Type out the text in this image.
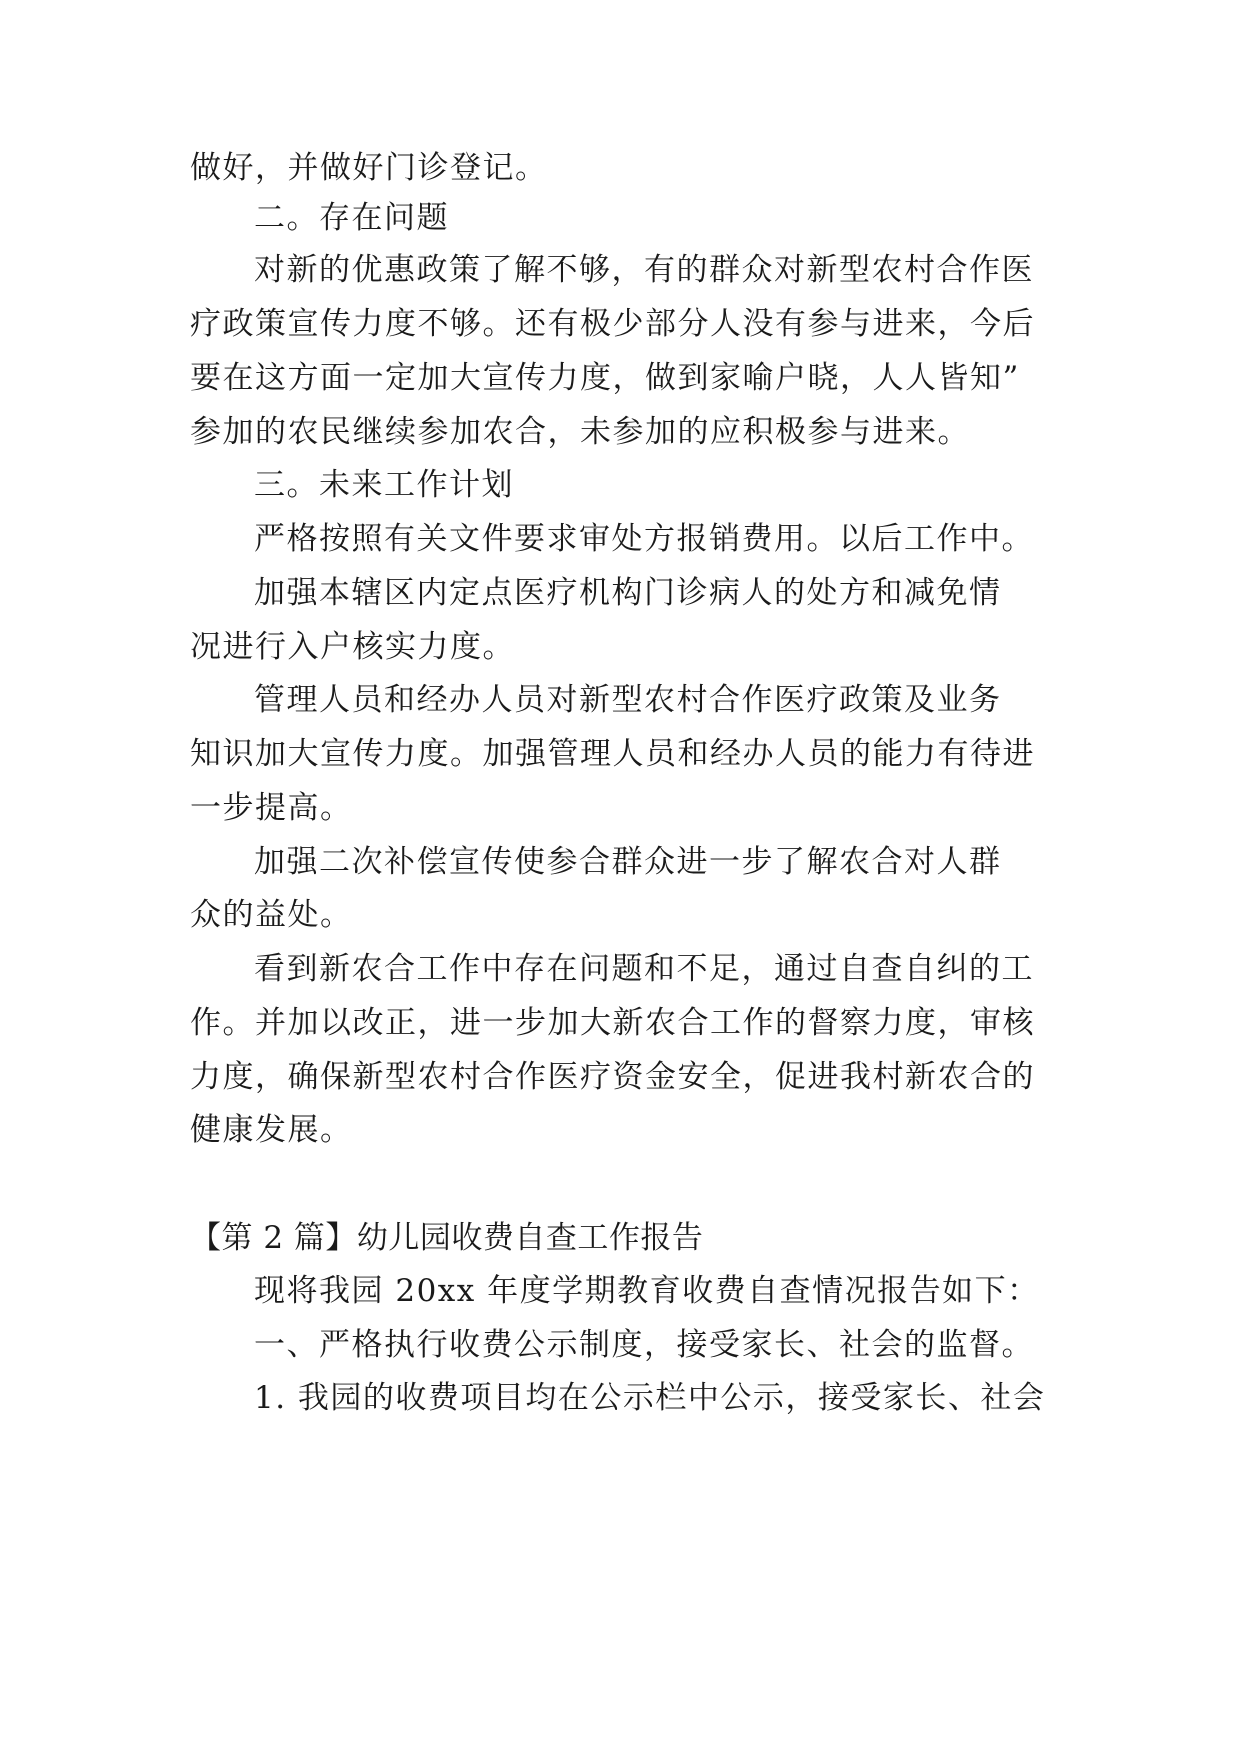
做好，并做好门诊登记。
二。存在问题
对新的优惠政策了解不够，有的群众对新型农村合作医
疗政策宣传力度不够。还有极少部分人没有参与进来，今后
要在这方面一定加大宣传力度，做到家喻户晓，人人皆知”
参加的农民继续参加农合，未参加的应积极参与进来。
三。未来工作计划
严格按照有关文件要求审处方报销费用。以后工作中。
加强本辖区内定点医疗机构门诊病人的处方和减免情
况进行入户核实力度。
管理人员和经办人员对新型农村合作医疗政策及业务
知识加大宣传力度。加强管理人员和经办人员的能力有待进
一步提高。
加强二次补偿宣传使参合群众进一步了解农合对人群
众的益处。
看到新农合工作中存在问题和不足，通过自查自纠的工
作。并加以改正，进一步加大新农合工作的督察力度，审核
力度，确保新型农村合作医疗资金安全，促进我村新农合的
健康发展。
【第 2 篇】幼儿园收费自查工作报告
现将我园 20xx 年度学期教育收费自查情况报告如下：
一、严格执行收费公示制度，接受家长、社会的监督。
1. 我园的收费项目均在公示栏中公示，接受家长、社会
